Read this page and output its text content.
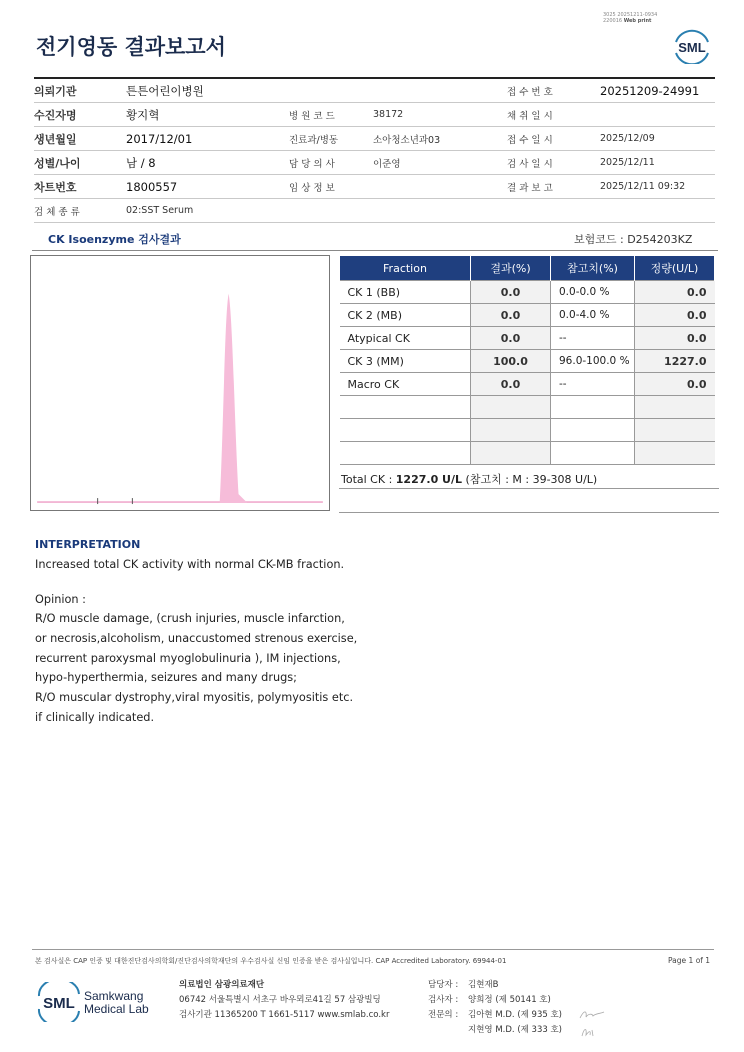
전기영동 결과보고서
3025 20251211-0934
220016 Web print
SML
의뢰기관	튼튼어린이병원			접 수 번 호	20251209-24991
수진자명	황지혁	병 원 코 드	38172	채 취 일 시	
생년월일	2017/12/01	진료과/병동	소아청소년과03	접 수 일 시	2025/12/09
성별/나이	남 / 8	담 당 의 사	이준영	검 사 일 시	2025/12/11
차트번호	1800557	임 상 정 보		결 과 보 고	2025/12/11 09:32
검 체 종 류	02:SST Serum				
CK Isoenzyme 검사결과	보험코드 : D254203KZ
Fraction	결과(%)	참고치(%)	정량(U/L)
CK 1 (BB)	0.0	0.0-0.0 %	0.0
CK 2 (MB)	0.0	0.0-4.0 %	0.0
Atypical CK	0.0	--	0.0
CK 3 (MM)	100.0	96.0-100.0 %	1227.0
Macro CK	0.0	--	0.0

Total CK : 1227.0 U/L (참고치 : M : 39-308 U/L)
INTERPRETATION
Increased total CK activity with normal CK-MB fraction.
Opinion :
R/O muscle damage, (crush injuries, muscle infarction,
or necrosis,alcoholism, unaccustomed strenous exercise,
recurrent paroxysmal myoglobulinuria ), IM injections,
hypo-hyperthermia, seizures and many drugs;
R/O muscular dystrophy,viral myositis, polymyositis etc.
if clinically indicated.
본 검사실은 CAP 인증 및 대한진단검사의학회/진단검사의학재단의 우수검사실 신임 인증을 받은 검사실입니다. CAP Accredited Laboratory. 69944-01	Page 1 of 1
SML Samkwang
Medical Lab
의료법인 삼광의료재단
06742 서울특별시 서초구 바우뫼로41길 57 삼광빌딩
검사기관 11365200 T 1661-5117 www.smlab.co.kr
담당자 : 김현재B
검사자 : 양희정 (제 50141 호)
전문의 : 김아현 M.D. (제 935 호)
지현영 M.D. (제 333 호)
